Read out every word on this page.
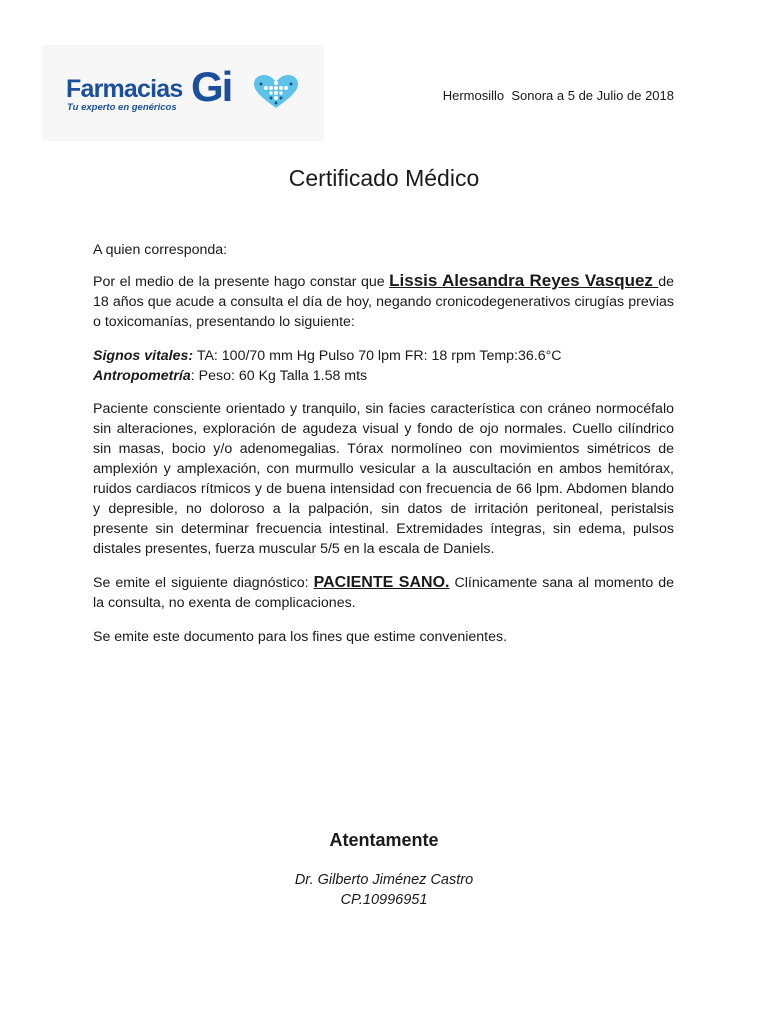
Farmacias
Tu experto en genéricos Gi	Hermosillo  Sonora a 5 de Julio de 2018
Certificado Médico

A quien corresponda:

Por el medio de la presente hago constar que Lissis Alesandra Reyes Vasquez de 18 años que acude a consulta el día de hoy, negando cronicodegenerativos cirugías previas o toxicomanías, presentando lo siguiente:

Signos vitales: TA: 100/70 mm Hg Pulso 70 lpm FR: 18 rpm Temp:36.6°C

Antropometría: Peso: 60 Kg Talla 1.58 mts

Paciente consciente orientado y tranquilo, sin facies característica con cráneo normocéfalo sin alteraciones, exploración de agudeza visual y fondo de ojo normales. Cuello cilíndrico sin masas, bocio y/o adenomegalias. Tórax normolíneo con movimientos simétricos de amplexión y amplexación, con murmullo vesicular a la auscultación en ambos hemitórax, ruidos cardiacos rítmicos y de buena intensidad con frecuencia de 66 lpm. Abdomen blando y depresible, no doloroso a la palpación, sin datos de irritación peritoneal, peristalsis presente sin determinar frecuencia intestinal. Extremidades íntegras, sin edema, pulsos distales presentes, fuerza muscular 5/5 en la escala de Daniels.

Se emite el siguiente diagnóstico: PACIENTE SANO. Clínicamente sana al momento de la consulta, no exenta de complicaciones.

Se emite este documento para los fines que estime convenientes.

Atentamente
Dr. Gilberto Jiménez Castro
CP.10996951
